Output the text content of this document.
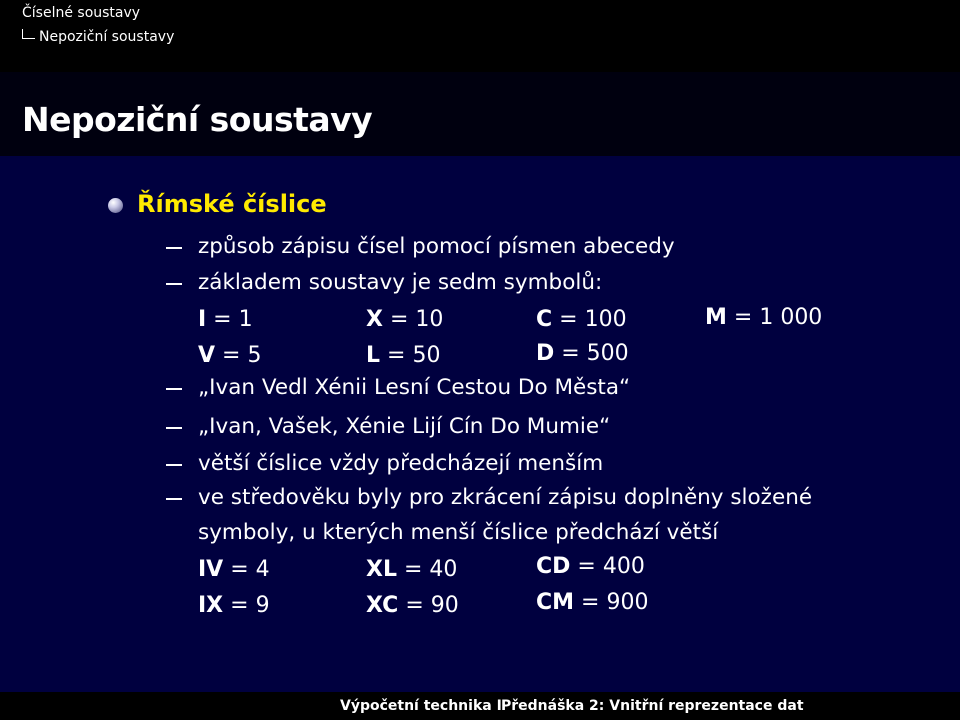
Číselné soustavy
Nepoziční soustavy
Nepoziční soustavy
Římské číslice
způsob zápisu čísel pomocí písmen abecedy
základem soustavy je sedm symbolů:
I = 1	X = 10	C = 100	M = 1 000
V = 5	L = 50	D = 500
„Ivan Vedl Xénii Lesní Cestou Do Města“
„Ivan, Vašek, Xénie Lijí Cín Do Mumie“
větší číslice vždy předcházejí menším
ve středověku byly pro zkrácení zápisu doplněny složené
symboly, u kterých menší číslice předchází větší
IV = 4	XL = 40	CD = 400
IX = 9	XC = 90	CM = 900
Výpočetní technika I Přednáška 2: Vnitřní reprezentace dat
